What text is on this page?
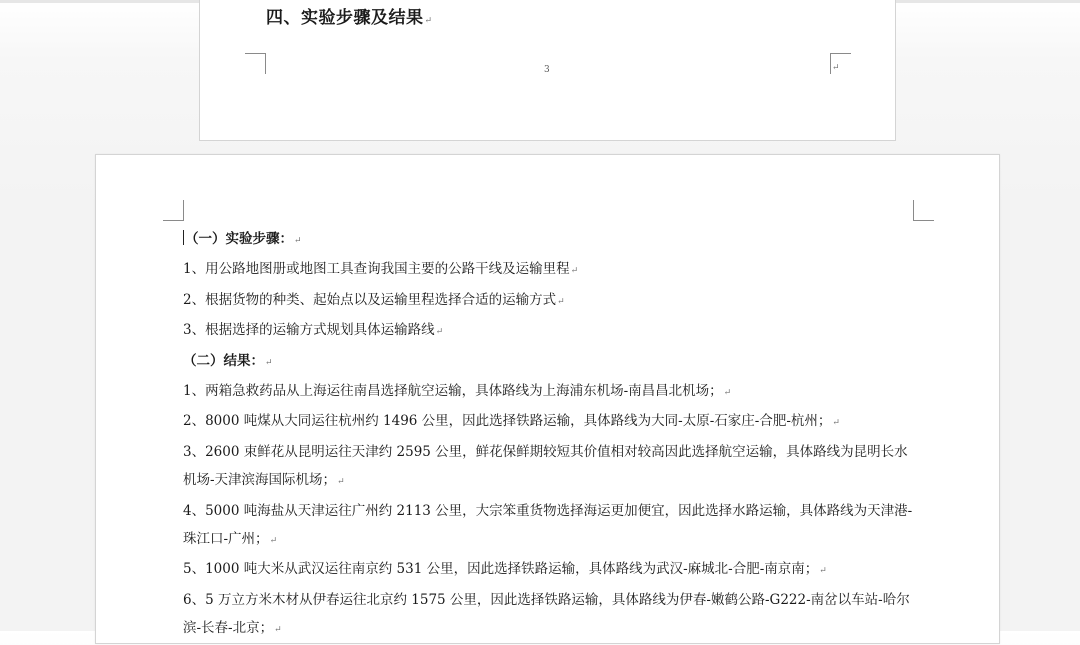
四、实验步骤及结果↵
3	↵

（一）实验步骤：↵

1、用公路地图册或地图工具查询我国主要的公路干线及运输里程↵

2、根据货物的种类、起始点以及运输里程选择合适的运输方式↵

3、根据选择的运输方式规划具体运输路线↵

（二）结果：↵

1、两箱急救药品从上海运往南昌选择航空运输，具体路线为上海浦东机场-南昌昌北机场；↵

2、8000 吨煤从大同运往杭州约 1496 公里，因此选择铁路运输，具体路线为大同-太原-石家庄-合肥-杭州；↵

3、2600 束鲜花从昆明运往天津约 2595 公里，鲜花保鲜期较短其价值相对较高因此选择航空运输，具体路线为昆明长水机场-天津滨海国际机场；↵

4、5000 吨海盐从天津运往广州约 2113 公里，大宗笨重货物选择海运更加便宜，因此选择水路运输，具体路线为天津港-珠江口-广州；↵

5、1000 吨大米从武汉运往南京约 531 公里，因此选择铁路运输，具体路线为武汉-麻城北-合肥-南京南；↵

6、5 万立方米木材从伊春运往北京约 1575 公里，因此选择铁路运输，具体路线为伊春-嫩鹤公路-G222-南岔以车站-哈尔滨-长春-北京；↵
